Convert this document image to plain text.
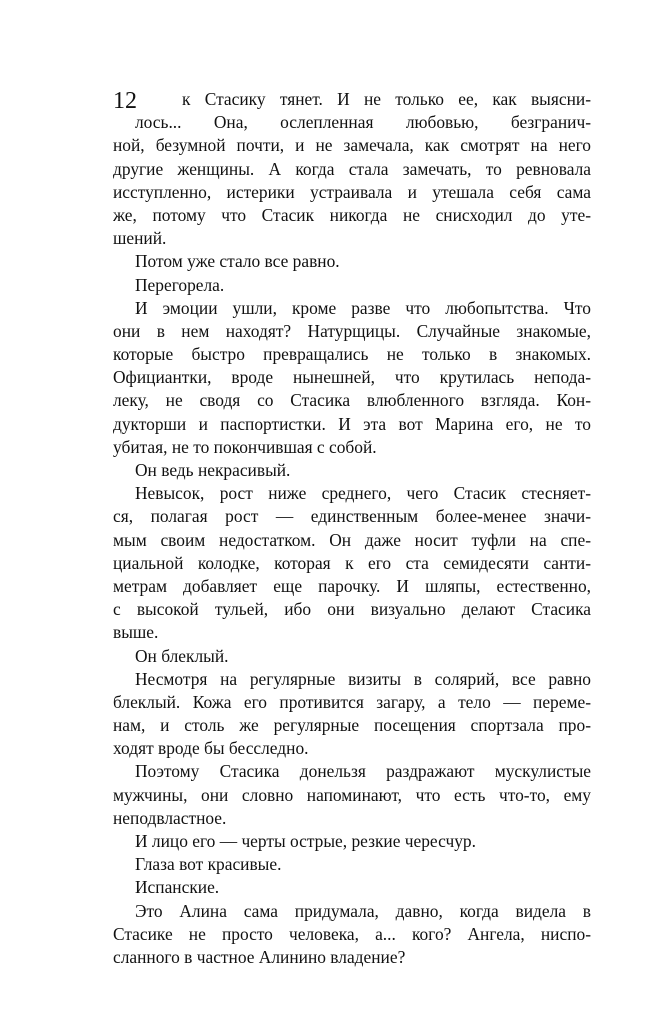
12	к Стасику тянет. И не только ее, как выясни-
лось... Она, ослепленная любовью, безгранич-
ной, безумной почти, и не замечала, как смотрят на него
другие женщины. А когда стала замечать, то ревновала
исступленно, истерики устраивала и утешала себя сама
же, потому что Стасик никогда не снисходил до уте-
шений.
Потом уже стало все равно.
Перегорела.
И эмоции ушли, кроме разве что любопытства. Что
они в нем находят? Натурщицы. Случайные знакомые,
которые быстро превращались не только в знакомых.
Официантки, вроде нынешней, что крутилась непода-
леку, не сводя со Стасика влюбленного взгляда. Кон-
дукторши и паспортистки. И эта вот Марина его, не то
убитая, не то покончившая с собой.
Он ведь некрасивый.
Невысок, рост ниже среднего, чего Стасик стесняет-
ся, полагая рост — единственным более-менее значи-
мым своим недостатком. Он даже носит туфли на спе-
циальной колодке, которая к его ста семидесяти санти-
метрам добавляет еще парочку. И шляпы, естественно,
с высокой тульей, ибо они визуально делают Стасика
выше.
Он блеклый.
Несмотря на регулярные визиты в солярий, все равно
блеклый. Кожа его противится загару, а тело — переме-
нам, и столь же регулярные посещения спортзала про-
ходят вроде бы бесследно.
Поэтому Стасика донельзя раздражают мускулистые
мужчины, они словно напоминают, что есть что-то, ему
неподвластное.
И лицо его — черты острые, резкие чересчур.
Глаза вот красивые.
Испанские.
Это Алина сама придумала, давно, когда видела в
Стасике не просто человека, а... кого? Ангела, ниспо-
сланного в частное Алинино владение?
